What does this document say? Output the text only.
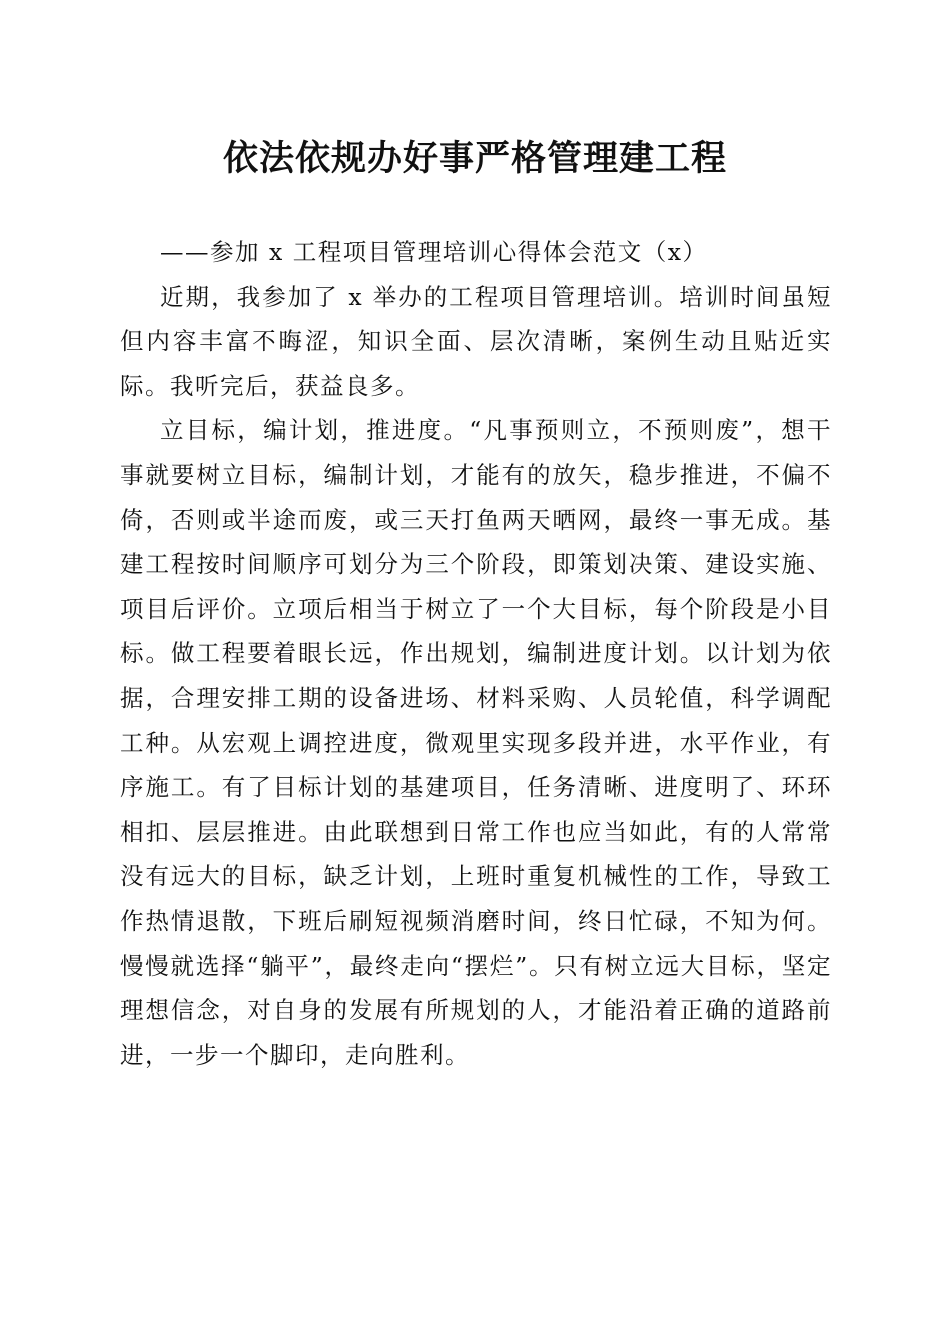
依法依规办好事严格管理建工程

——参加 x 工程项目管理培训心得体会范文（x）

近期，我参加了 x 举办的工程项目管理培训。培训时间虽短但内容丰富不晦涩，知识全面、层次清晰，案例生动且贴近实际。我听完后，获益良多。

立目标，编计划，推进度。“凡事预则立，不预则废”，想干事就要树立目标，编制计划，才能有的放矢，稳步推进，不偏不倚，否则或半途而废，或三天打鱼两天晒网，最终一事无成。基建工程按时间顺序可划分为三个阶段，即策划决策、建设实施、项目后评价。立项后相当于树立了一个大目标，每个阶段是小目标。做工程要着眼长远，作出规划，编制进度计划。以计划为依据，合理安排工期的设备进场、材料采购、人员轮值，科学调配工种。从宏观上调控进度，微观里实现多段并进，水平作业，有序施工。有了目标计划的基建项目，任务清晰、进度明了、环环相扣、层层推进。由此联想到日常工作也应当如此，有的人常常没有远大的目标，缺乏计划，上班时重复机械性的工作，导致工作热情退散，下班后刷短视频消磨时间，终日忙碌，不知为何。慢慢就选择“躺平”，最终走向“摆烂”。只有树立远大目标，坚定理想信念，对自身的发展有所规划的人，才能沿着正确的道路前进，一步一个脚印，走向胜利。
